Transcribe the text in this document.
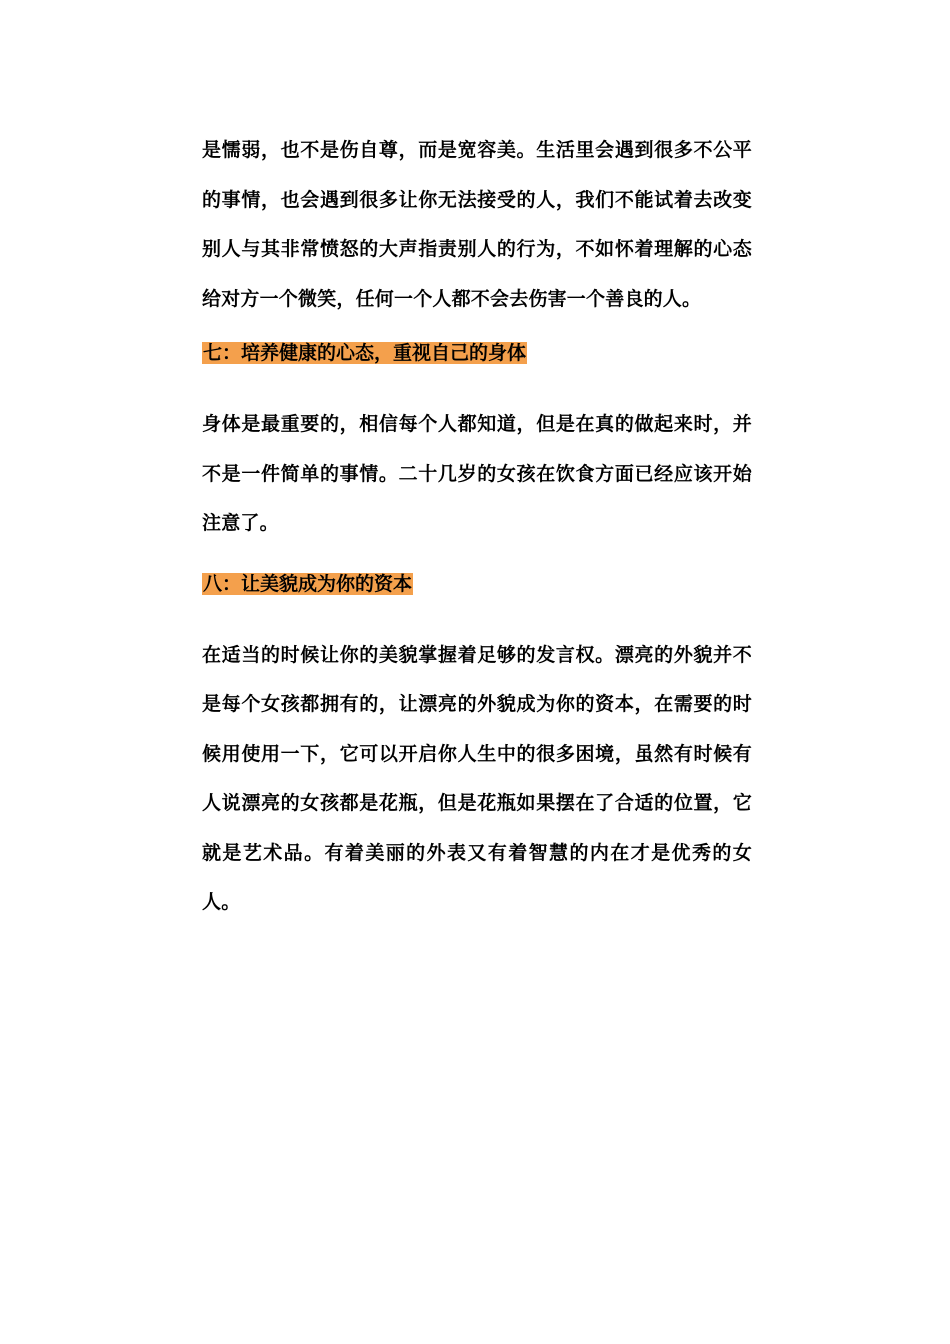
是懦弱，也不是伤自尊，而是宽容美。生活里会遇到很多不公平的事情，也会遇到很多让你无法接受的人，我们不能试着去改变别人与其非常愤怒的大声指责别人的行为，不如怀着理解的心态给对方一个微笑，任何一个人都不会去伤害一个善良的人。

七：培养健康的心态，重视自己的身体

身体是最重要的，相信每个人都知道，但是在真的做起来时，并不是一件简单的事情。二十几岁的女孩在饮食方面已经应该开始注意了。

八：让美貌成为你的资本

在适当的时候让你的美貌掌握着足够的发言权。漂亮的外貌并不是每个女孩都拥有的，让漂亮的外貌成为你的资本，在需要的时候用使用一下，它可以开启你人生中的很多困境，虽然有时候有人说漂亮的女孩都是花瓶，但是花瓶如果摆在了合适的位置，它就是艺术品。有着美丽的外表又有着智慧的内在才是优秀的女人。
